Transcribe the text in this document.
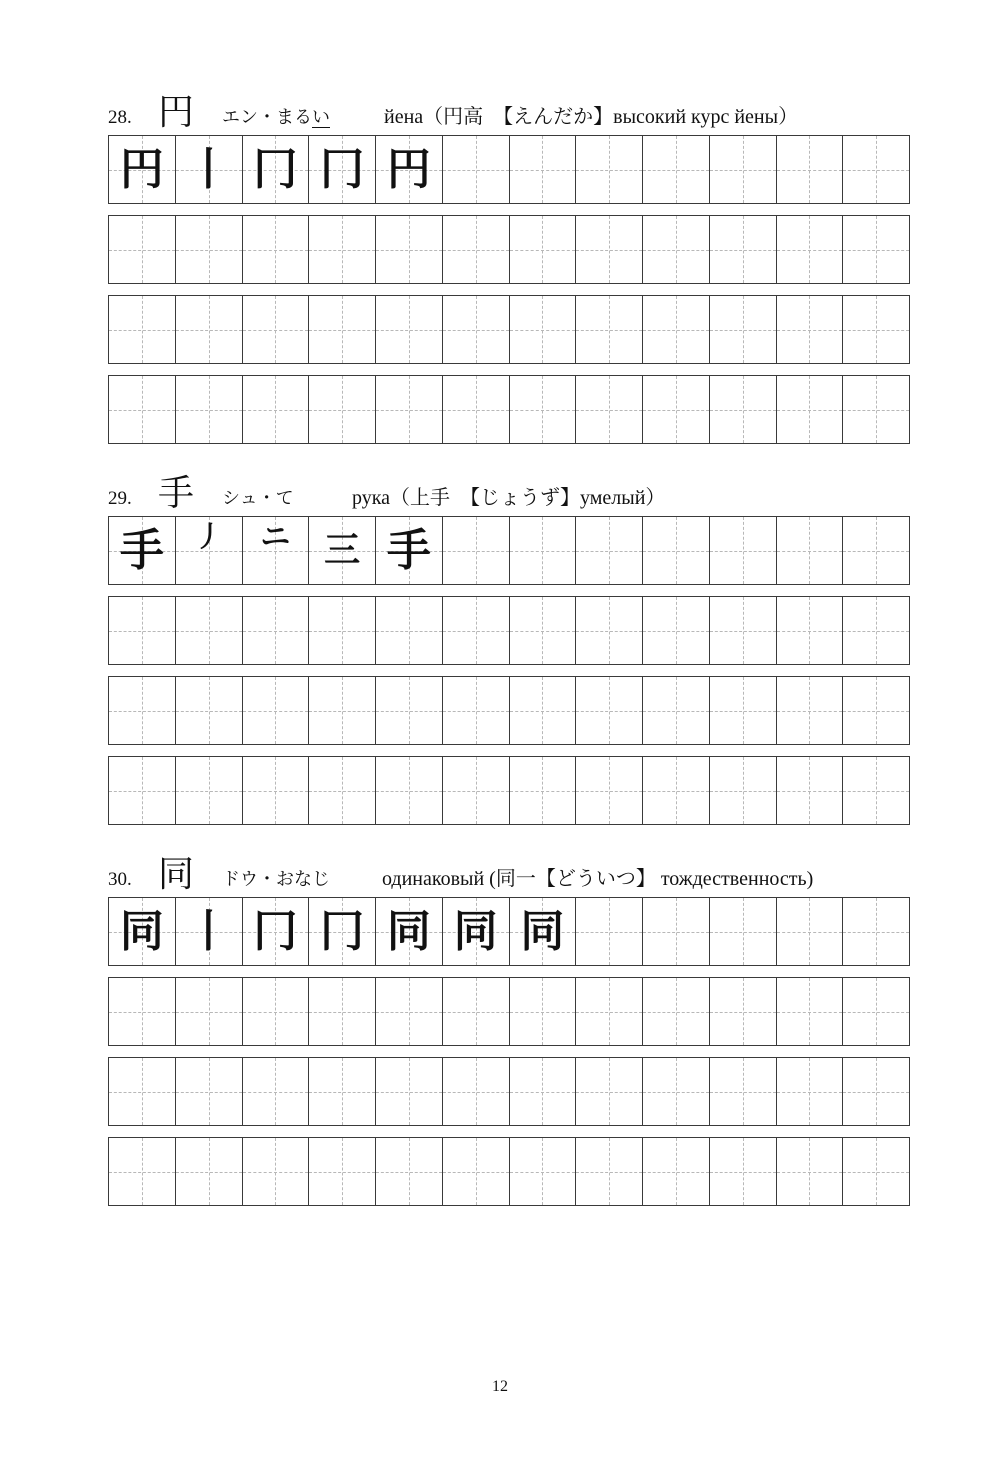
28. 円 エン・まるい	йена（円高　【えんだか】высокий курс йены）
円 丨 冂 冂 円
29. 手 シュ・て	рука（上手　【じょうず】умелый）
手	丿	ニ 三 手
30. 同 ドウ・おなじ	одинаковый (同一【どういつ】 тождественность)
同 丨 冂 冂 同 同 同
12
